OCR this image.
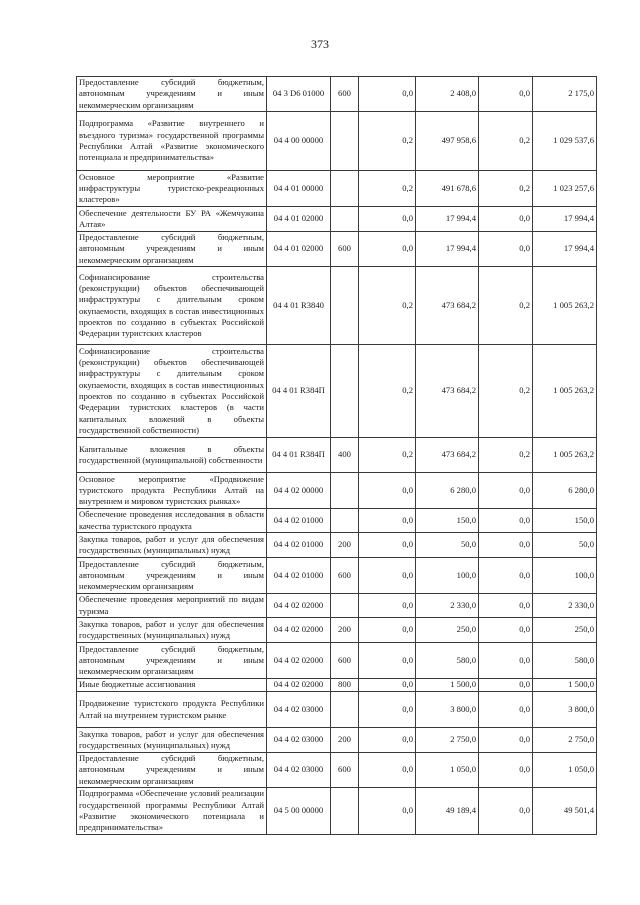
373
Предоставление субсидий бюджетным, автономным учреждениям и иным некоммерческим организациям	04 3 D6 01000	600	0,0	2 408,0	0,0	2 175,0
Подпрограмма «Развитие внутреннего и въездного туризма» государственной программы Республики Алтай «Развитие экономического потенциала и предпринимательства»	04 4 00 00000		0,2	497 958,6	0,2	1 029 537,6
Основное мероприятие «Развитие инфраструктуры туристско-рекреационных кластеров»	04 4 01 00000		0,2	491 678,6	0,2	1 023 257,6
Обеспечение деятельности БУ РА «Жемчужина Алтая»	04 4 01 02000		0,0	17 994,4	0,0	17 994,4
Предоставление субсидий бюджетным, автономным учреждениям и иным некоммерческим организациям	04 4 01 02000	600	0,0	17 994,4	0,0	17 994,4
Софинансирование строительства (реконструкции) объектов обеспечивающей инфраструктуры с длительным сроком окупаемости, входящих в состав инвестиционных проектов по созданию в субъектах Российской Федерации туристских кластеров	04 4 01 R3840		0,2	473 684,2	0,2	1 005 263,2
Софинансирование строительства (реконструкции) объектов обеспечивающей инфраструктуры с длительным сроком окупаемости, входящих в состав инвестиционных проектов по созданию в субъектах Российской Федерации туристских кластеров (в части капитальных вложений в объекты государственной собственности)	04 4 01 R384П		0,2	473 684,2	0,2	1 005 263,2
Капитальные вложения в объекты государственной (муниципальной) собственности	04 4 01 R384П	400	0,2	473 684,2	0,2	1 005 263,2
Основное мероприятие «Продвижение туристского продукта Республики Алтай на внутреннем и мировом туристских рынках»	04 4 02 00000		0,0	6 280,0	0,0	6 280,0
Обеспечение проведения исследования в области качества туристского продукта	04 4 02 01000		0,0	150,0	0,0	150,0
Закупка товаров, работ и услуг для обеспечения государственных (муниципальных) нужд	04 4 02 01000	200	0,0	50,0	0,0	50,0
Предоставление субсидий бюджетным, автономным учреждениям и иным некоммерческим организациям	04 4 02 01000	600	0,0	100,0	0,0	100,0
Обеспечение проведения мероприятий по видам туризма	04 4 02 02000		0,0	2 330,0	0,0	2 330,0
Закупка товаров, работ и услуг для обеспечения государственных (муниципальных) нужд	04 4 02 02000	200	0,0	250,0	0,0	250,0
Предоставление субсидий бюджетным, автономным учреждениям и иным некоммерческим организациям	04 4 02 02000	600	0,0	580,0	0,0	580,0
Иные бюджетные ассигнования	04 4 02 02000	800	0,0	1 500,0	0,0	1 500,0
Продвижение туристского продукта Республики Алтай на внутреннем туристском рынке	04 4 02 03000		0,0	3 800,0	0,0	3 800,0
Закупка товаров, работ и услуг для обеспечения государственных (муниципальных) нужд	04 4 02 03000	200	0,0	2 750,0	0,0	2 750,0
Предоставление субсидий бюджетным, автономным учреждениям и иным некоммерческим организациям	04 4 02 03000	600	0,0	1 050,0	0,0	1 050,0
Подпрограмма «Обеспечение условий реализации государственной программы Республики Алтай «Развитие экономического потенциала и предпринимательства»	04 5 00 00000		0,0	49 189,4	0,0	49 501,4
